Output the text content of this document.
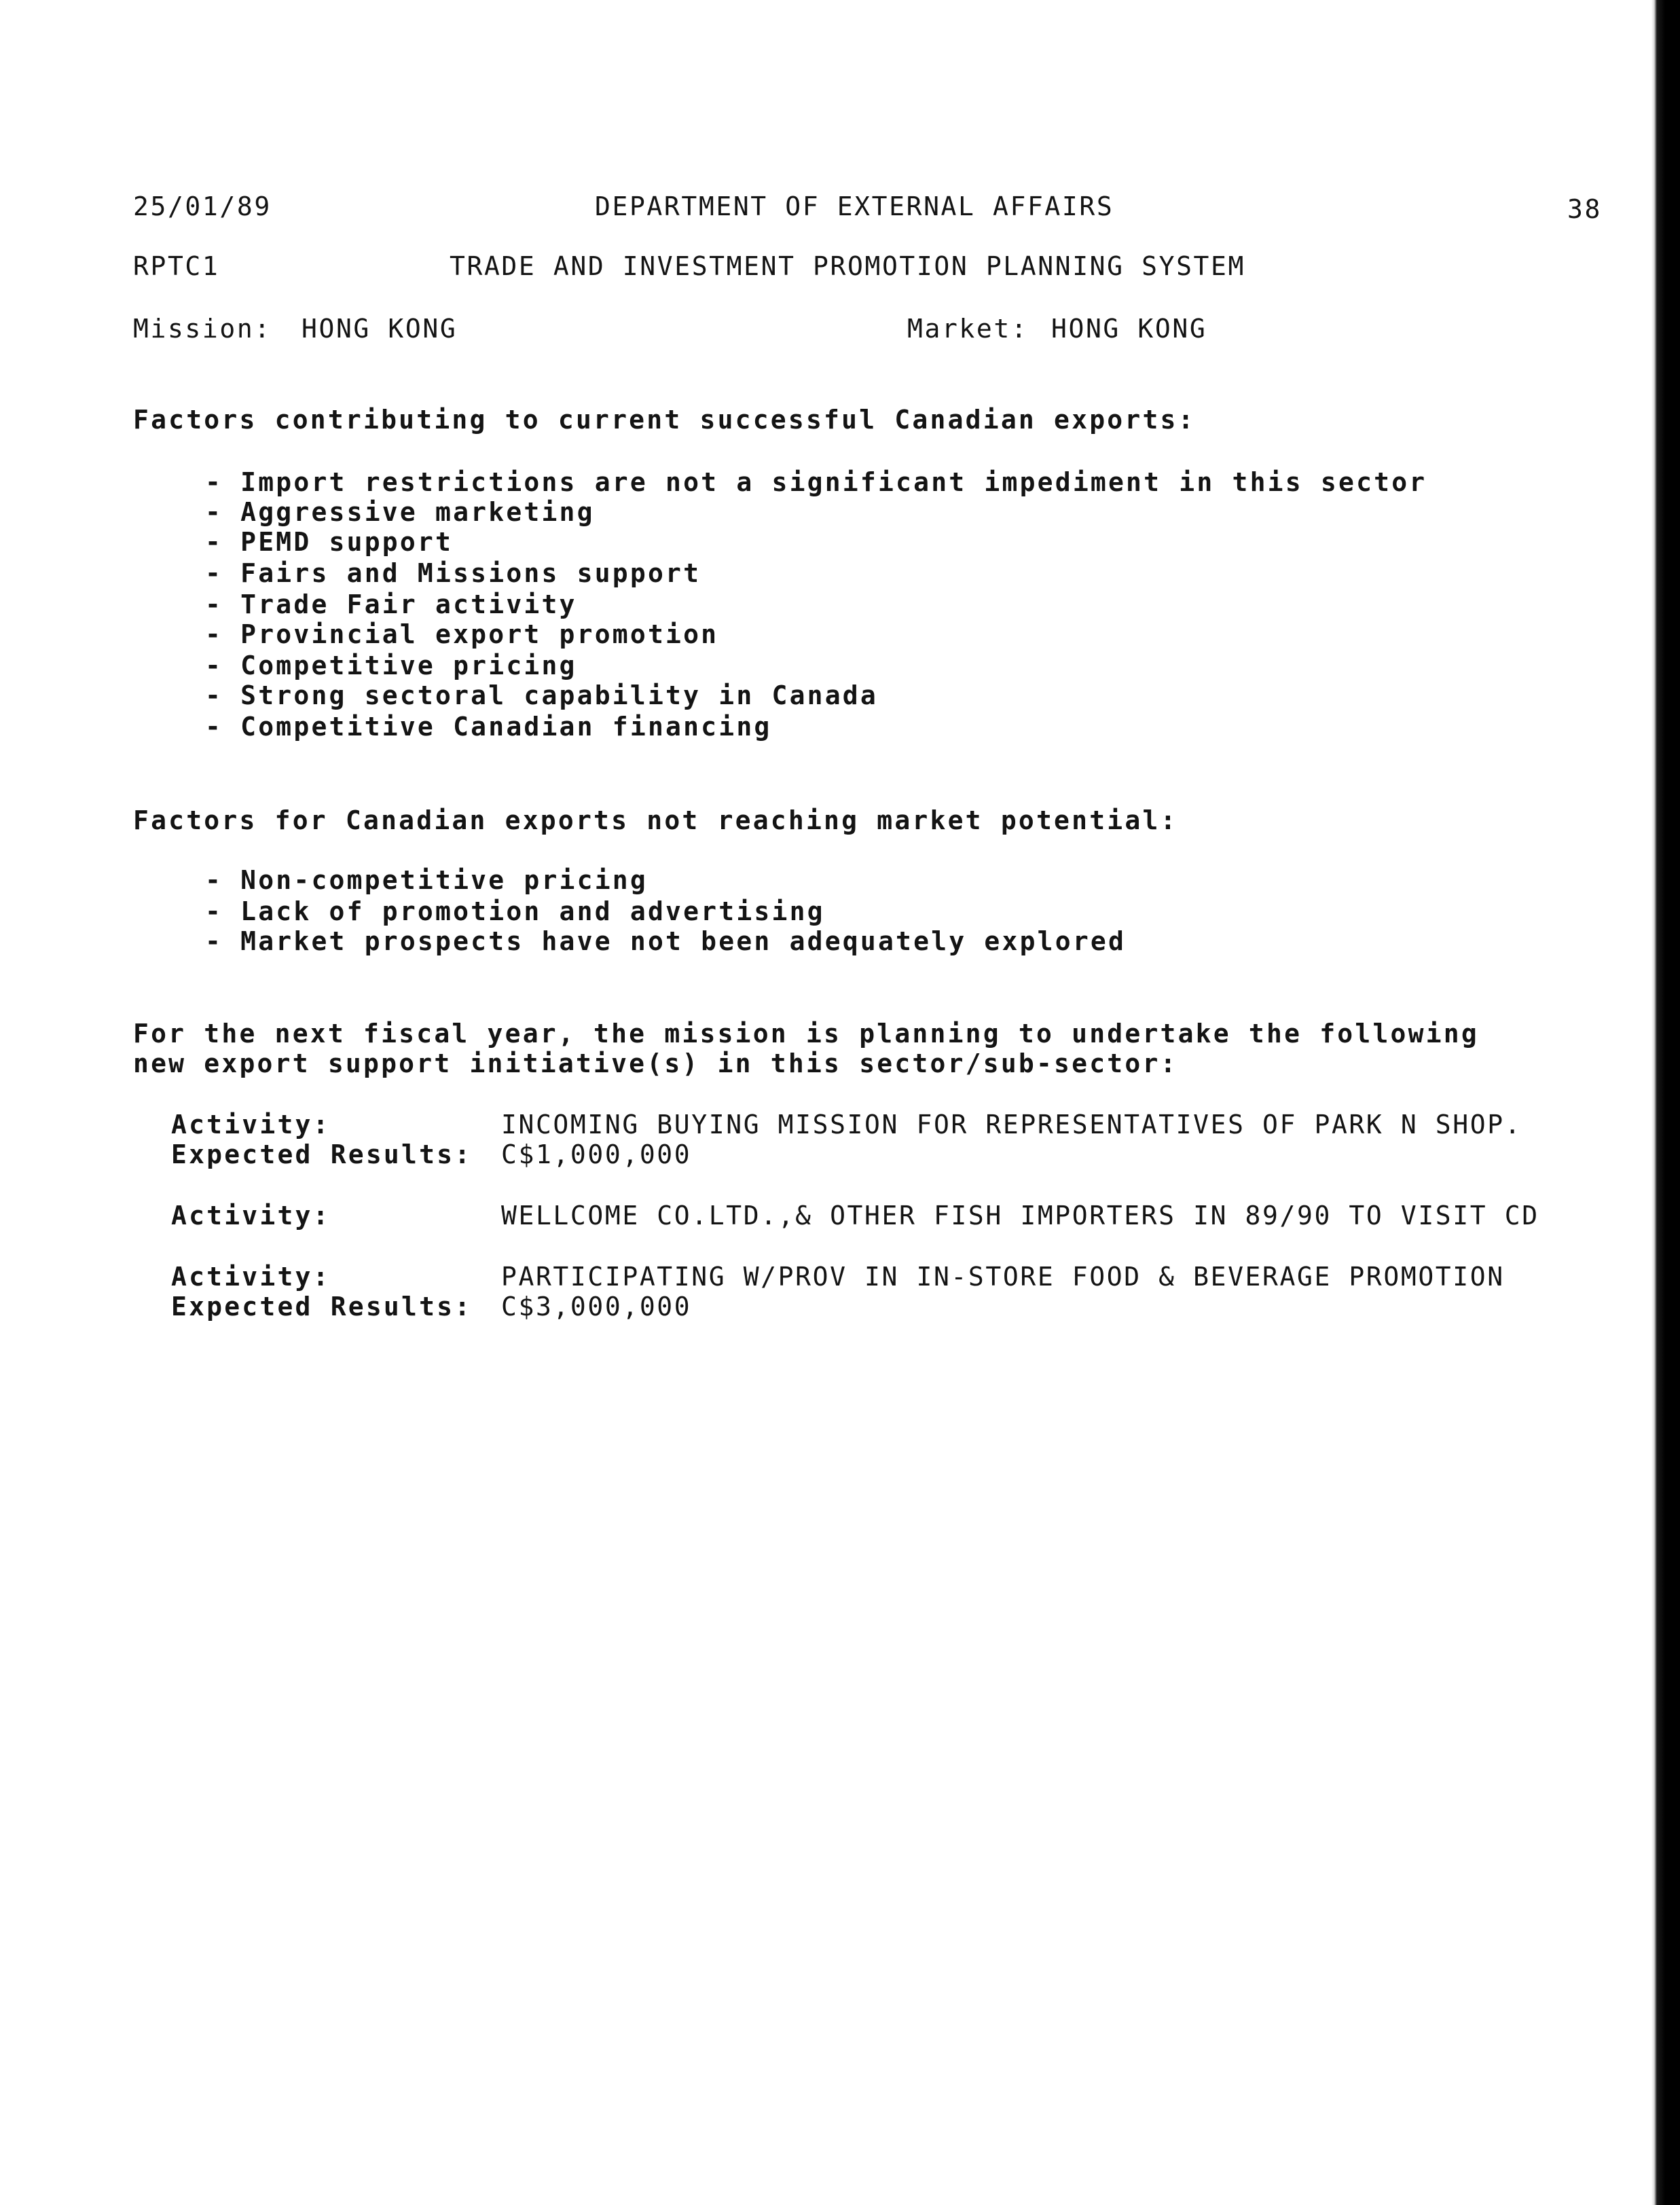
25/01/89	DEPARTMENT OF EXTERNAL AFFAIRS	38
RPTC1	TRADE AND INVESTMENT PROMOTION PLANNING SYSTEM
Mission: HONG KONG	Market: HONG KONG
Factors contributing to current successful Canadian exports:
- Import restrictions are not a significant impediment in this sector
- Aggressive marketing
- PEMD support
- Fairs and Missions support
- Trade Fair activity
- Provincial export promotion
- Competitive pricing
- Strong sectoral capability in Canada
- Competitive Canadian financing
Factors for Canadian exports not reaching market potential:
- Non-competitive pricing
- Lack of promotion and advertising
- Market prospects have not been adequately explored
For the next fiscal year, the mission is planning to undertake the following
new export support initiative(s) in this sector/sub-sector:
Activity:	INCOMING BUYING MISSION FOR REPRESENTATIVES OF PARK N SHOP.
Expected Results: C$1,000,000
Activity:	WELLCOME CO.LTD.,& OTHER FISH IMPORTERS IN 89/90 TO VISIT CD
Activity:	PARTICIPATING W/PROV IN IN-STORE FOOD & BEVERAGE PROMOTION
Expected Results: C$3,000,000
